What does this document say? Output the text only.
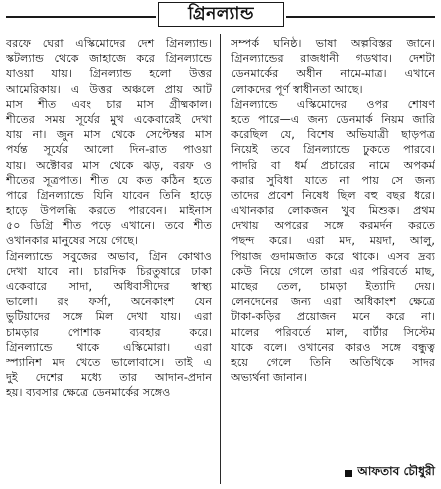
গ্রিনল্যান্ড
বরফে ঘেরা এস্কিমোদের দেশ গ্রিনল্যান্ড।
স্কটল্যান্ড থেকে জাহাজে করে গ্রিনল্যান্ডে
যাওয়া যায়। গ্রিনল্যান্ড হলো উত্তর
আমেরিকায়। এ উত্তর অঞ্চলে প্রায় আট
মাস শীত এবং চার মাস গ্রীষ্মকাল।
শীতের সময় সূর্যের মুখ একেবারেই দেখা
যায় না। জুন মাস থেকে সেপ্টেম্বর মাস
পর্যন্ত সূর্যের আলো দিন-রাত পাওয়া
যায়। অক্টোবর মাস থেকে ঝড়, বরফ ও
শীতের সূত্রপাত। শীত যে কত কঠিন হতে
পারে গ্রিনল্যান্ডে যিনি যাবেন তিনি হাড়ে
হাড়ে উপলব্ধি করতে পারবেন। মাইনাস
৫০ ডিগ্রি শীত পড়ে এখানে। তবে শীত
ওখানকার মানুষের সয়ে গেছে।
গ্রিনল্যান্ডে সবুজের অভাব, গ্রিন কোথাও
দেখা যাবে না। চারদিক চিরতুষারে ঢাকা
একেবারে সাদা, অধিবাসীদের স্বাস্থ্য
ভালো। রং ফর্সা, অনেকাংশ যেন
ভুটিয়াদের সঙ্গে মিল দেখা যায়। এরা
চামড়ার পোশাক ব্যবহার করে।
গ্রিনল্যান্ডে থাকে এস্কিমোরা। এরা
স্প্যানিশ মদ খেতে ভালোবাসে। তাই এ
দুই দেশের মধ্যে তার আদান-প্রদান
হয়। ব্যবসার ক্ষেত্রে ডেনমার্কের সঙ্গেও
সম্পর্ক ঘনিষ্ঠ। ভাষা অল্পবিস্তর জানে।
গ্রিনল্যান্ডের রাজধানী গডথাব। দেশটা
ডেনমার্কের অধীন নামে-মাত্র। এখানে
লোকদের পূর্ণ স্বাধীনতা আছে।
গ্রিনল্যান্ডে এস্কিমোদের ওপর শোষণ
হতে পারে—এ জন্য ডেনমার্ক নিয়ম জারি
করেছিল যে, বিশেষ অভিযাত্রী ছাড়পত্র
নিয়েই তবে গ্রিনল্যান্ডে ঢুকতে পারবে।
পাদরি বা ধর্ম প্রচারের নামে অপকর্ম
করার সুবিধা যাতে না পায় সে জন্য
তাদের প্রবেশ নিষেধ ছিল বহু বছর ধরে।
এখানকার লোকজন খুব মিশুক। প্রথম
দেখায় অপরের সঙ্গে করমর্দন করতে
পছন্দ করে। এরা মদ, ময়দা, আলু,
পিয়াজ গুদামজাত করে থাকে। এসব দ্রব্য
কেউ নিয়ে গেলে তারা এর পরিবর্তে মাছ,
মাছের তেল, চামড়া ইত্যাদি দেয়।
লেনদেনের জন্য এরা অধিকাংশ ক্ষেত্রে
টাকা-কড়ির প্রয়োজন মনে করে না।
মালের পরিবর্তে মাল, বার্টার সিস্টেম
যাকে বলে। ওখানের কারও সঙ্গে বন্ধুত্ব
হয়ে গেলে তিনি অতিথিকে সাদর
অভ্যর্থনা জানান।
আফতাব চৌধুরী
